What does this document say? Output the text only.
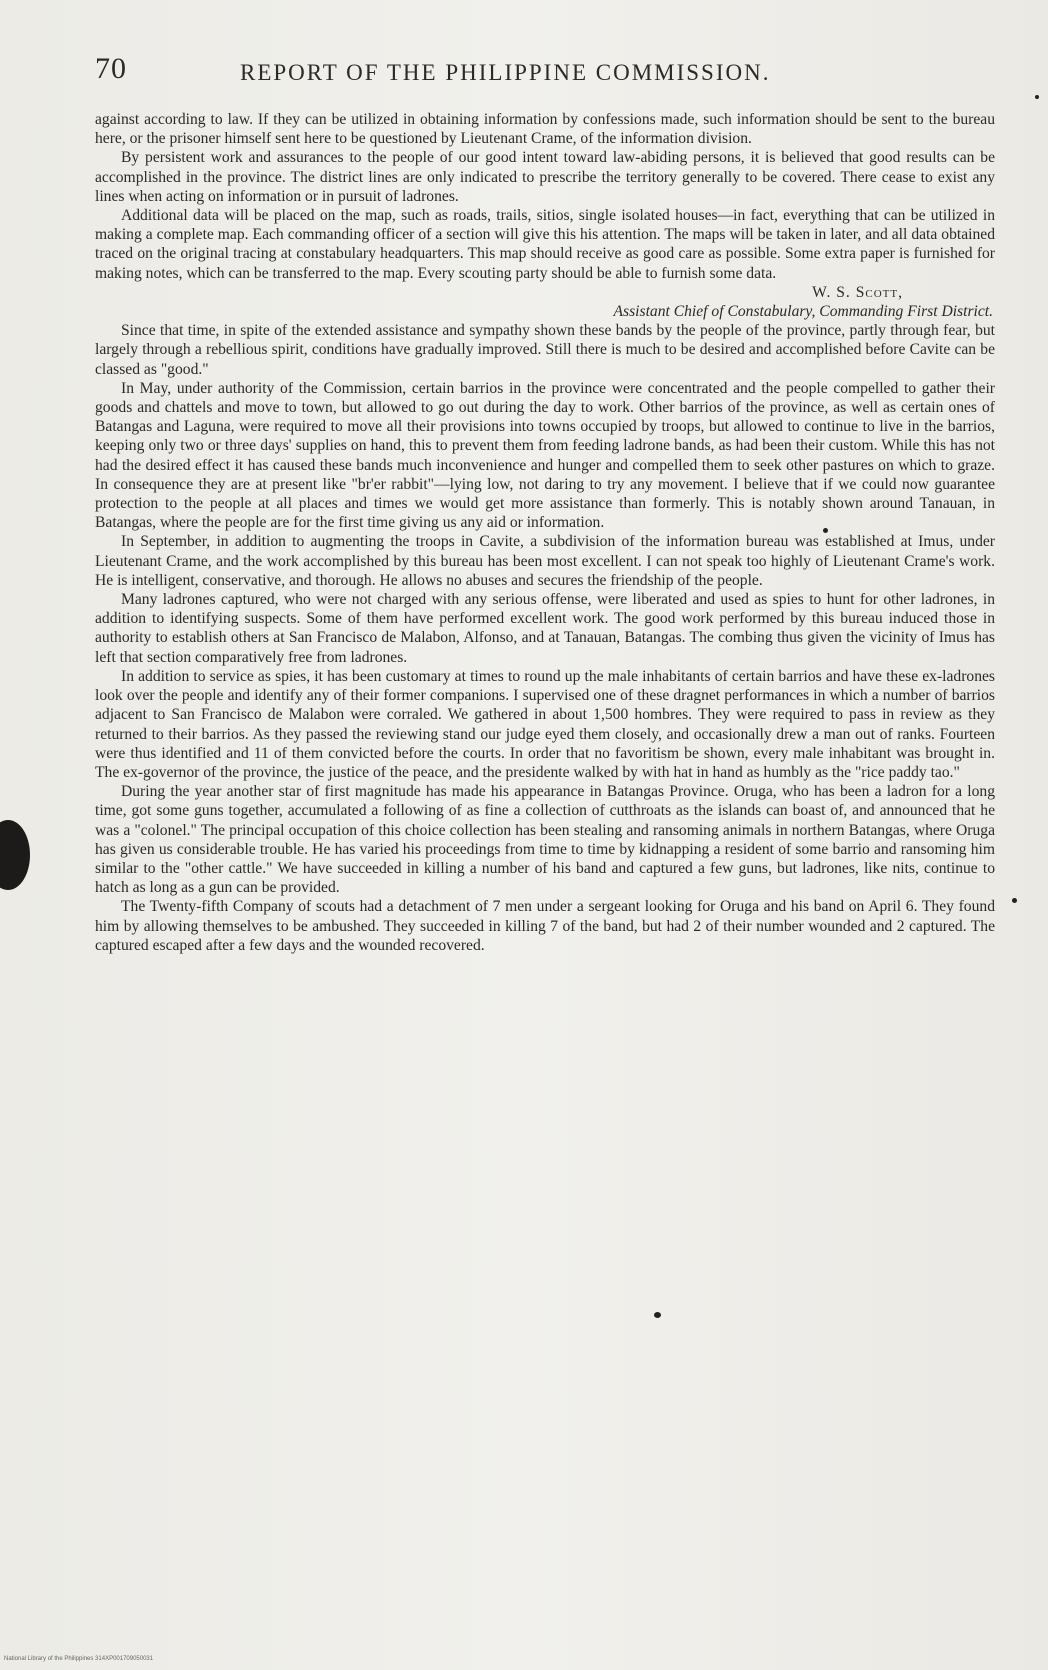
70	REPORT OF THE PHILIPPINE COMMISSION.

against according to law. If they can be utilized in obtaining information by confessions made, such information should be sent to the bureau here, or the prisoner himself sent here to be questioned by Lieutenant Crame, of the information division.

By persistent work and assurances to the people of our good intent toward law-abiding persons, it is believed that good results can be accomplished in the province. The district lines are only indicated to prescribe the territory generally to be covered. There cease to exist any lines when acting on information or in pursuit of ladrones.

Additional data will be placed on the map, such as roads, trails, sitios, single isolated houses—in fact, everything that can be utilized in making a complete map. Each commanding officer of a section will give this his attention. The maps will be taken in later, and all data obtained traced on the original tracing at constabulary headquarters. This map should receive as good care as possible. Some extra paper is furnished for making notes, which can be transferred to the map. Every scouting party should be able to furnish some data.

W. S. Scott,

Assistant Chief of Constabulary, Commanding First District.

Since that time, in spite of the extended assistance and sympathy shown these bands by the people of the province, partly through fear, but largely through a rebellious spirit, conditions have gradually improved. Still there is much to be desired and accomplished before Cavite can be classed as "good."

In May, under authority of the Commission, certain barrios in the province were concentrated and the people compelled to gather their goods and chattels and move to town, but allowed to go out during the day to work. Other barrios of the province, as well as certain ones of Batangas and Laguna, were required to move all their provisions into towns occupied by troops, but allowed to continue to live in the barrios, keeping only two or three days' supplies on hand, this to prevent them from feeding ladrone bands, as had been their custom. While this has not had the desired effect it has caused these bands much inconvenience and hunger and compelled them to seek other pastures on which to graze. In consequence they are at present like "br'er rabbit"—lying low, not daring to try any movement. I believe that if we could now guarantee protection to the people at all places and times we would get more assistance than formerly. This is notably shown around Tanauan, in Batangas, where the people are for the first time giving us any aid or information.

In September, in addition to augmenting the troops in Cavite, a subdivision of the information bureau was established at Imus, under Lieutenant Crame, and the work accomplished by this bureau has been most excellent. I can not speak too highly of Lieutenant Crame's work. He is intelligent, conservative, and thorough. He allows no abuses and secures the friendship of the people.

Many ladrones captured, who were not charged with any serious offense, were liberated and used as spies to hunt for other ladrones, in addition to identifying suspects. Some of them have performed excellent work. The good work performed by this bureau induced those in authority to establish others at San Francisco de Malabon, Alfonso, and at Tanauan, Batangas. The combing thus given the vicinity of Imus has left that section comparatively free from ladrones.

In addition to service as spies, it has been customary at times to round up the male inhabitants of certain barrios and have these ex-ladrones look over the people and identify any of their former companions. I supervised one of these dragnet performances in which a number of barrios adjacent to San Francisco de Malabon were corraled. We gathered in about 1,500 hombres. They were required to pass in review as they returned to their barrios. As they passed the reviewing stand our judge eyed them closely, and occasionally drew a man out of ranks. Fourteen were thus identified and 11 of them convicted before the courts. In order that no favoritism be shown, every male inhabitant was brought in. The ex-governor of the province, the justice of the peace, and the presidente walked by with hat in hand as humbly as the "rice paddy tao."

During the year another star of first magnitude has made his appearance in Batangas Province. Oruga, who has been a ladron for a long time, got some guns together, accumulated a following of as fine a collection of cutthroats as the islands can boast of, and announced that he was a "colonel." The principal occupation of this choice collection has been stealing and ransoming animals in northern Batangas, where Oruga has given us considerable trouble. He has varied his proceedings from time to time by kidnapping a resident of some barrio and ransoming him similar to the "other cattle." We have succeeded in killing a number of his band and captured a few guns, but ladrones, like nits, continue to hatch as long as a gun can be provided.

The Twenty-fifth Company of scouts had a detachment of 7 men under a sergeant looking for Oruga and his band on April 6. They found him by allowing themselves to be ambushed. They succeeded in killing 7 of the band, but had 2 of their number wounded and 2 captured. The captured escaped after a few days and the wounded recovered.

National Library of the Philippines 314XP001709050031
